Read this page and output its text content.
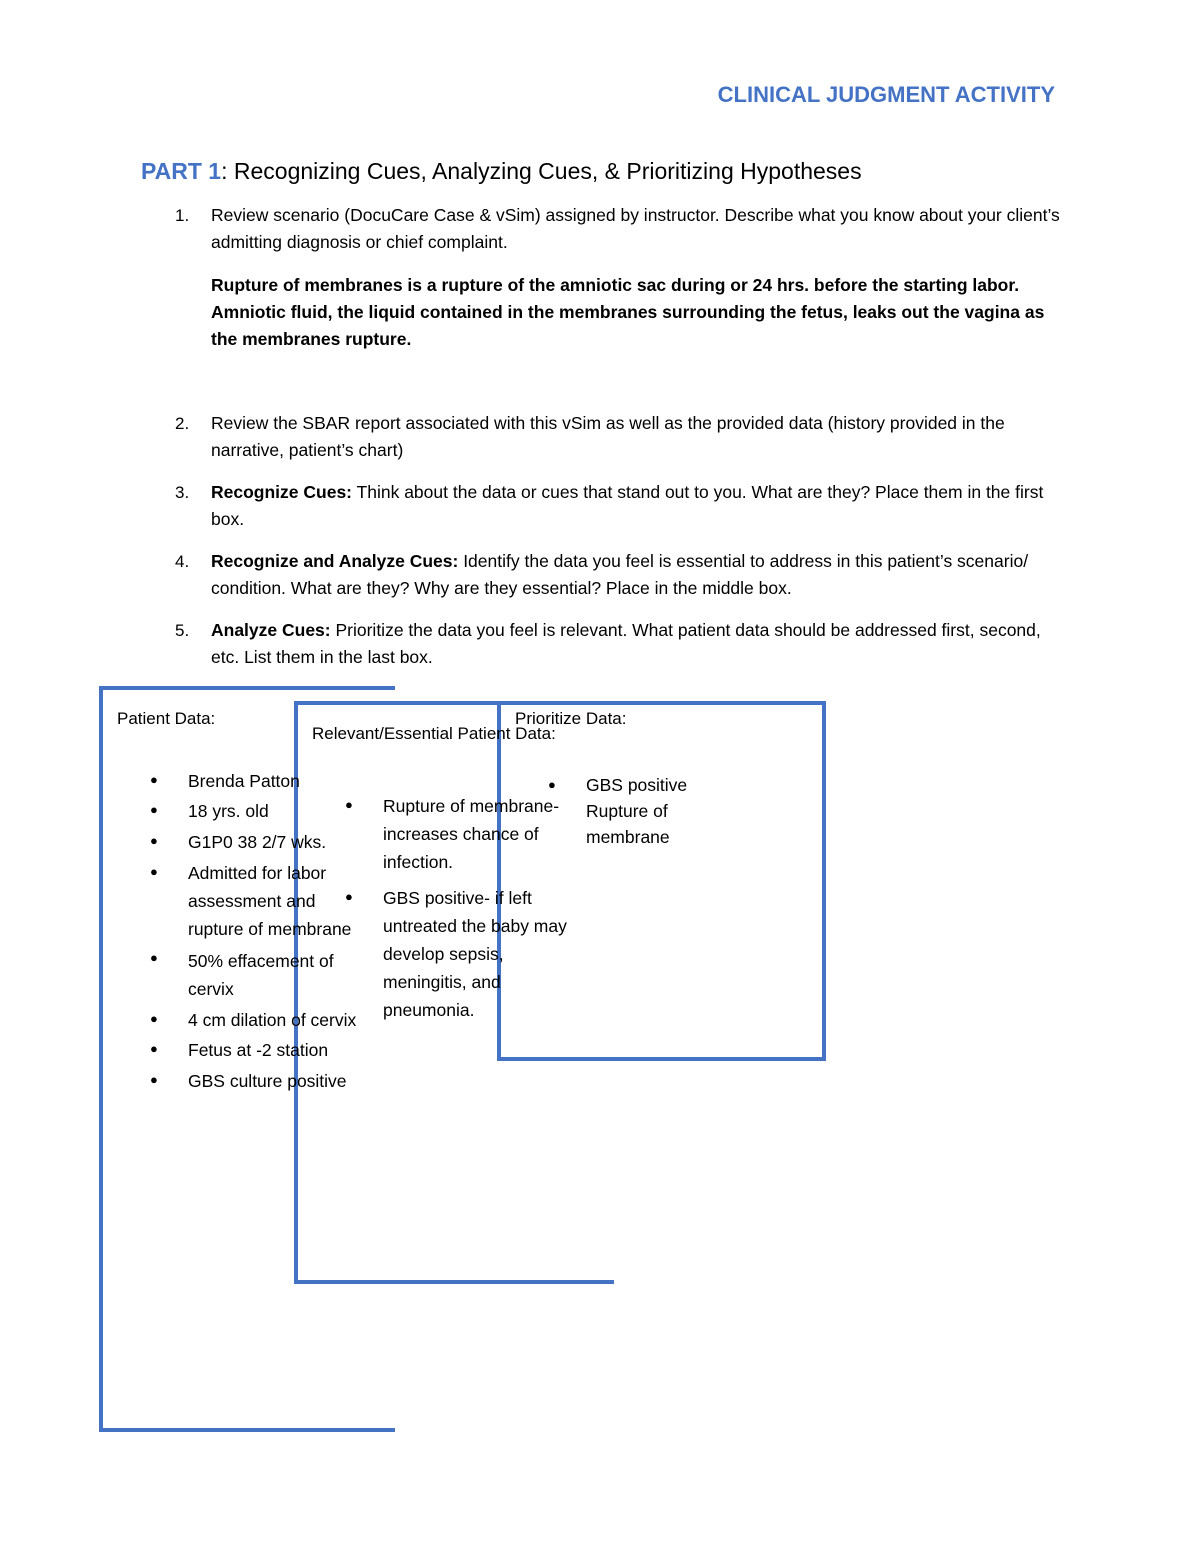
CLINICAL JUDGMENT ACTIVITY
PART 1: Recognizing Cues, Analyzing Cues, & Prioritizing Hypotheses
1. Review scenario (DocuCare Case & vSim) assigned by instructor. Describe what you know about your client’s admitting diagnosis or chief complaint.
Rupture of membranes is a rupture of the amniotic sac during or 24 hrs. before the starting labor. Amniotic fluid, the liquid contained in the membranes surrounding the fetus, leaks out the vagina as the membranes rupture.
2. Review the SBAR report associated with this vSim as well as the provided data (history provided in the narrative, patient’s chart)
3. Recognize Cues: Think about the data or cues that stand out to you. What are they? Place them in the first box.
4. Recognize and Analyze Cues: Identify the data you feel is essential to address in this patient’s scenario/ condition. What are they? Why are they essential? Place in the middle box.
5. Analyze Cues: Prioritize the data you feel is relevant. What patient data should be addressed first, second, etc. List them in the last box.
Patient Data:
Relevant/Essential Patient Data:
Prioritize Data:
● Brenda Patton
● 18 yrs. old
● G1P0 38 2/7 wks.
● Admitted for labor
assessment and
rupture of membrane
● 50% effacement of
cervix
● 4 cm dilation of cervix
● Fetus at -2 station
● GBS culture positive
● Rupture of membrane-
increases chance of
infection.
● GBS positive- if left
untreated the baby may
develop sepsis,
meningitis, and
pneumonia.
● GBS positive
Rupture of
membrane
